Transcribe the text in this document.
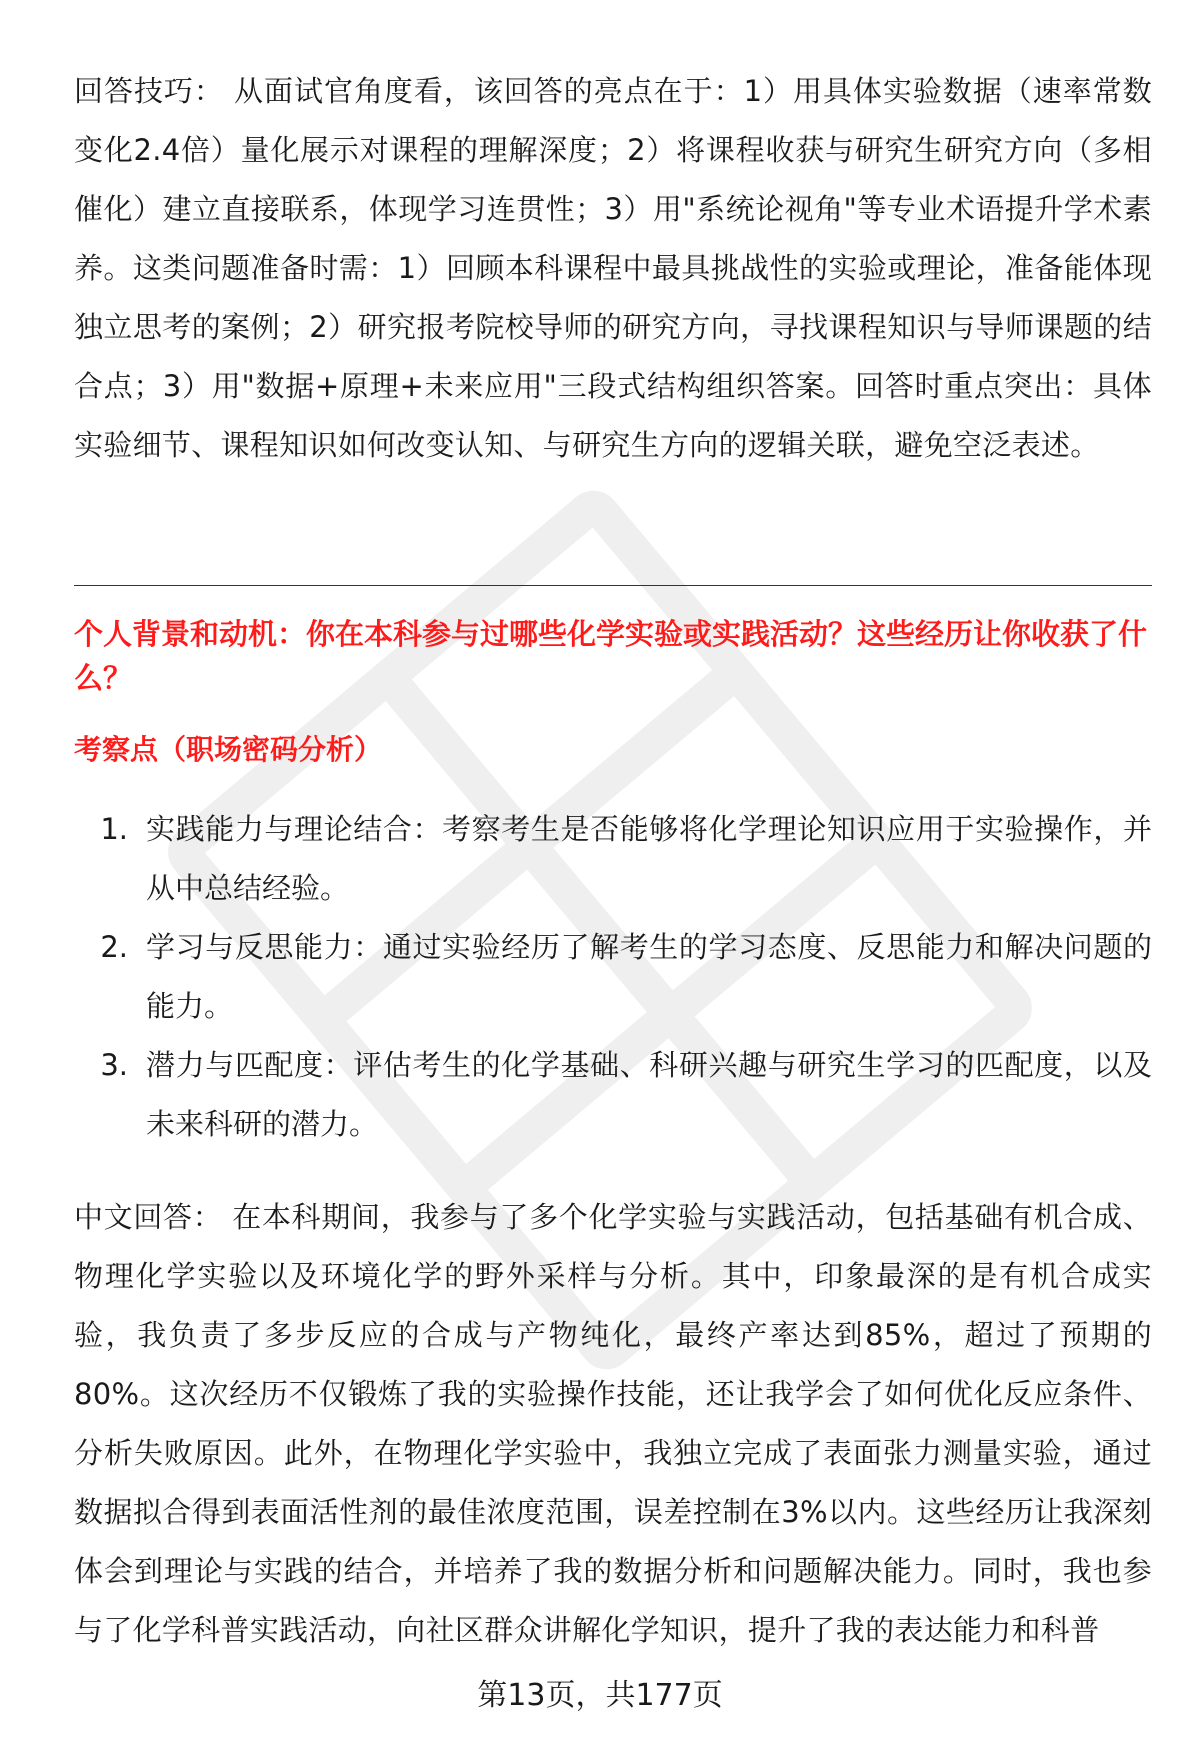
回答技巧： 从面试官角度看，该回答的亮点在于：1）用具体实验数据（速率常数变化2.4倍）量化展示对课程的理解深度；2）将课程收获与研究生研究方向（多相催化）建立直接联系，体现学习连贯性；3）用"系统论视角"等专业术语提升学术素养。这类问题准备时需：1）回顾本科课程中最具挑战性的实验或理论，准备能体现独立思考的案例；2）研究报考院校导师的研究方向，寻找课程知识与导师课题的结合点；3）用"数据+原理+未来应用"三段式结构组织答案。回答时重点突出：具体实验细节、课程知识如何改变认知、与研究生方向的逻辑关联，避免空泛表述。

个人背景和动机：你在本科参与过哪些化学实验或实践活动？这些经历让你收获了什么？

考察点（职场密码分析）

1. 实践能力与理论结合：考察考生是否能够将化学理论知识应用于实验操作，并从中总结经验。
2. 学习与反思能力：通过实验经历了解考生的学习态度、反思能力和解决问题的能力。
3. 潜力与匹配度：评估考生的化学基础、科研兴趣与研究生学习的匹配度，以及未来科研的潜力。

中文回答： 在本科期间，我参与了多个化学实验与实践活动，包括基础有机合成、物理化学实验以及环境化学的野外采样与分析。其中，印象最深的是有机合成实验，我负责了多步反应的合成与产物纯化，最终产率达到85%，超过了预期的80%。这次经历不仅锻炼了我的实验操作技能，还让我学会了如何优化反应条件、分析失败原因。此外，在物理化学实验中，我独立完成了表面张力测量实验，通过数据拟合得到表面活性剂的最佳浓度范围，误差控制在3%以内。这些经历让我深刻体会到理论与实践的结合，并培养了我的数据分析和问题解决能力。同时，我也参与了化学科普实践活动，向社区群众讲解化学知识，提升了我的表达能力和科普

第13页，共177页
